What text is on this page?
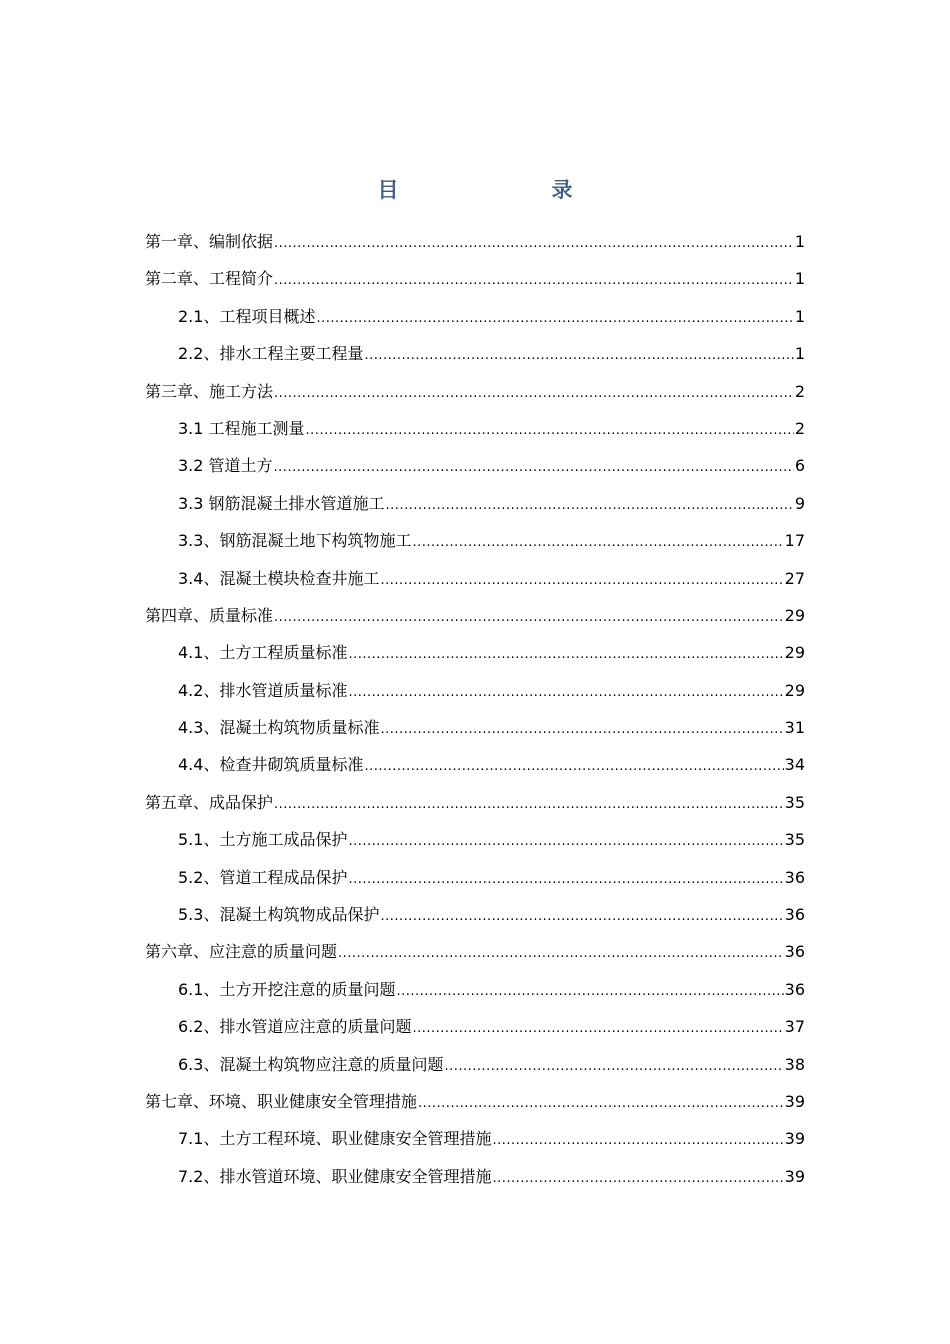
目　录
第一章、编制依据 .....	1
第二章、工程简介 .....	1
2.1、工程项目概述 .....	1
2.2、排水工程主要工程量 .....	1
第三章、施工方法 .....	2
3.1 工程施工测量 .....	2
3.2 管道土方 .....	6
3.3 钢筋混凝土排水管道施工 .....	9
3.3、钢筋混凝土地下构筑物施工 .....	17
3.4、混凝土模块检查井施工 .....	27
第四章、质量标准 .....	29
4.1、土方工程质量标准 .....	29
4.2、排水管道质量标准 .....	29
4.3、混凝土构筑物质量标准 .....	31
4.4、检查井砌筑质量标准 .....	34
第五章、成品保护 .....	35
5.1、土方施工成品保护 .....	35
5.2、管道工程成品保护 .....	36
5.3、混凝土构筑物成品保护 .....	36
第六章、应注意的质量问题 .....	36
6.1、土方开挖注意的质量问题 .....	36
6.2、排水管道应注意的质量问题 .....	37
6.3、混凝土构筑物应注意的质量问题 .....	38
第七章、环境、职业健康安全管理措施 .....	39
7.1、土方工程环境、职业健康安全管理措施 .....	39
7.2、排水管道环境、职业健康安全管理措施 .....	39
